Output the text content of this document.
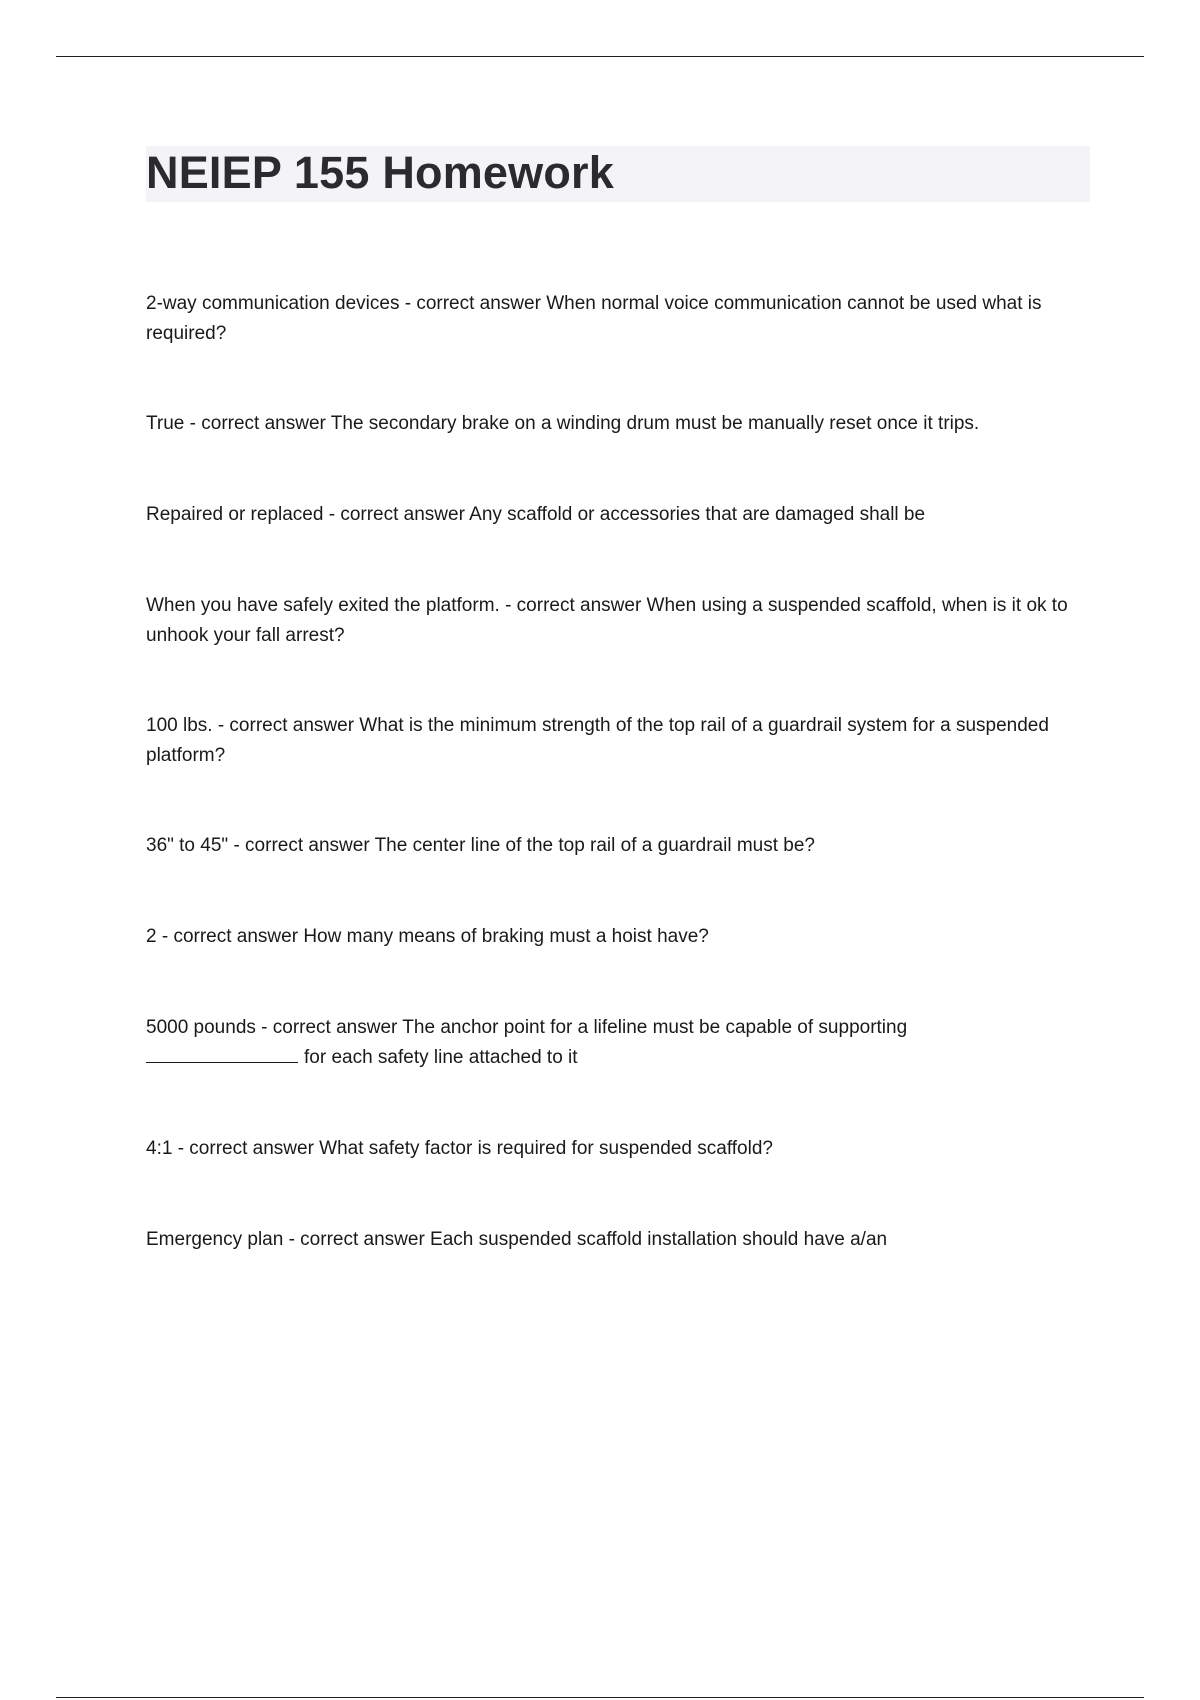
NEIEP 155 Homework

2-way communication devices - correct answer When normal voice communication cannot be used what is required?

True - correct answer The secondary brake on a winding drum must be manually reset once it trips.

Repaired or replaced - correct answer Any scaffold or accessories that are damaged shall be

When you have safely exited the platform. - correct answer When using a suspended scaffold, when is it ok to unhook your fall arrest?

100 lbs. - correct answer What is the minimum strength of the top rail of a guardrail system for a suspended platform?

36" to 45" - correct answer The center line of the top rail of a guardrail must be?

2 - correct answer How many means of braking must a hoist have?

5000 pounds - correct answer The anchor point for a lifeline must be capable of supporting
for each safety line attached to it

4:1 - correct answer What safety factor is required for suspended scaffold?

Emergency plan - correct answer Each suspended scaffold installation should have a/an
